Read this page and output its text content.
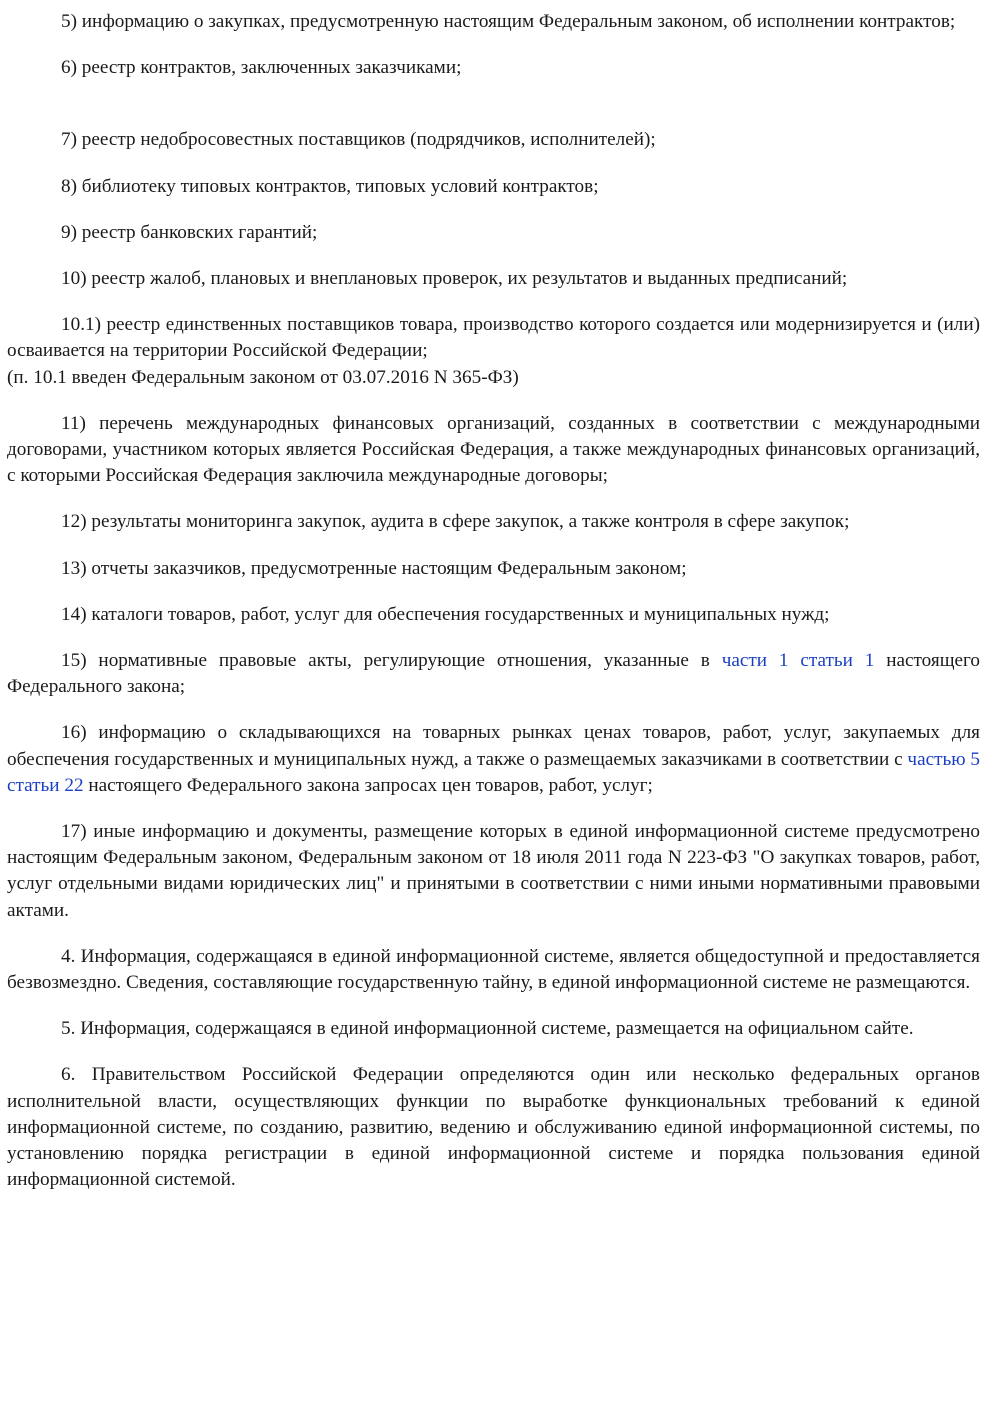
5) информацию о закупках, предусмотренную настоящим Федеральным законом, об исполнении контрактов;

6) реестр контрактов, заключенных заказчиками;

7) реестр недобросовестных поставщиков (подрядчиков, исполнителей);

8) библиотеку типовых контрактов, типовых условий контрактов;

9) реестр банковских гарантий;

10) реестр жалоб, плановых и внеплановых проверок, их результатов и выданных предписаний;

10.1) реестр единственных поставщиков товара, производство которого создается или модернизируется и (или) осваивается на территории Российской Федерации;

(п. 10.1 введен Федеральным законом от 03.07.2016 N 365-ФЗ)

11) перечень международных финансовых организаций, созданных в соответствии с международными договорами, участником которых является Российская Федерация, а также международных финансовых организаций, с которыми Российская Федерация заключила международные договоры;

12) результаты мониторинга закупок, аудита в сфере закупок, а также контроля в сфере закупок;

13) отчеты заказчиков, предусмотренные настоящим Федеральным законом;

14) каталоги товаров, работ, услуг для обеспечения государственных и муниципальных нужд;

15) нормативные правовые акты, регулирующие отношения, указанные в части 1 статьи 1 настоящего Федерального закона;

16) информацию о складывающихся на товарных рынках ценах товаров, работ, услуг, закупаемых для обеспечения государственных и муниципальных нужд, а также о размещаемых заказчиками в соответствии с частью 5 статьи 22 настоящего Федерального закона запросах цен товаров, работ, услуг;

17) иные информацию и документы, размещение которых в единой информационной системе предусмотрено настоящим Федеральным законом, Федеральным законом от 18 июля 2011 года N 223-ФЗ "О закупках товаров, работ, услуг отдельными видами юридических лиц" и принятыми в соответствии с ними иными нормативными правовыми актами.

4. Информация, содержащаяся в единой информационной системе, является общедоступной и предоставляется безвозмездно. Сведения, составляющие государственную тайну, в единой информационной системе не размещаются.

5. Информация, содержащаяся в единой информационной системе, размещается на официальном сайте.

6. Правительством Российской Федерации определяются один или несколько федеральных органов исполнительной власти, осуществляющих функции по выработке функциональных требований к единой информационной системе, по созданию, развитию, ведению и обслуживанию единой информационной системы, по установлению порядка регистрации в единой информационной системе и порядка пользования единой информационной системой.
